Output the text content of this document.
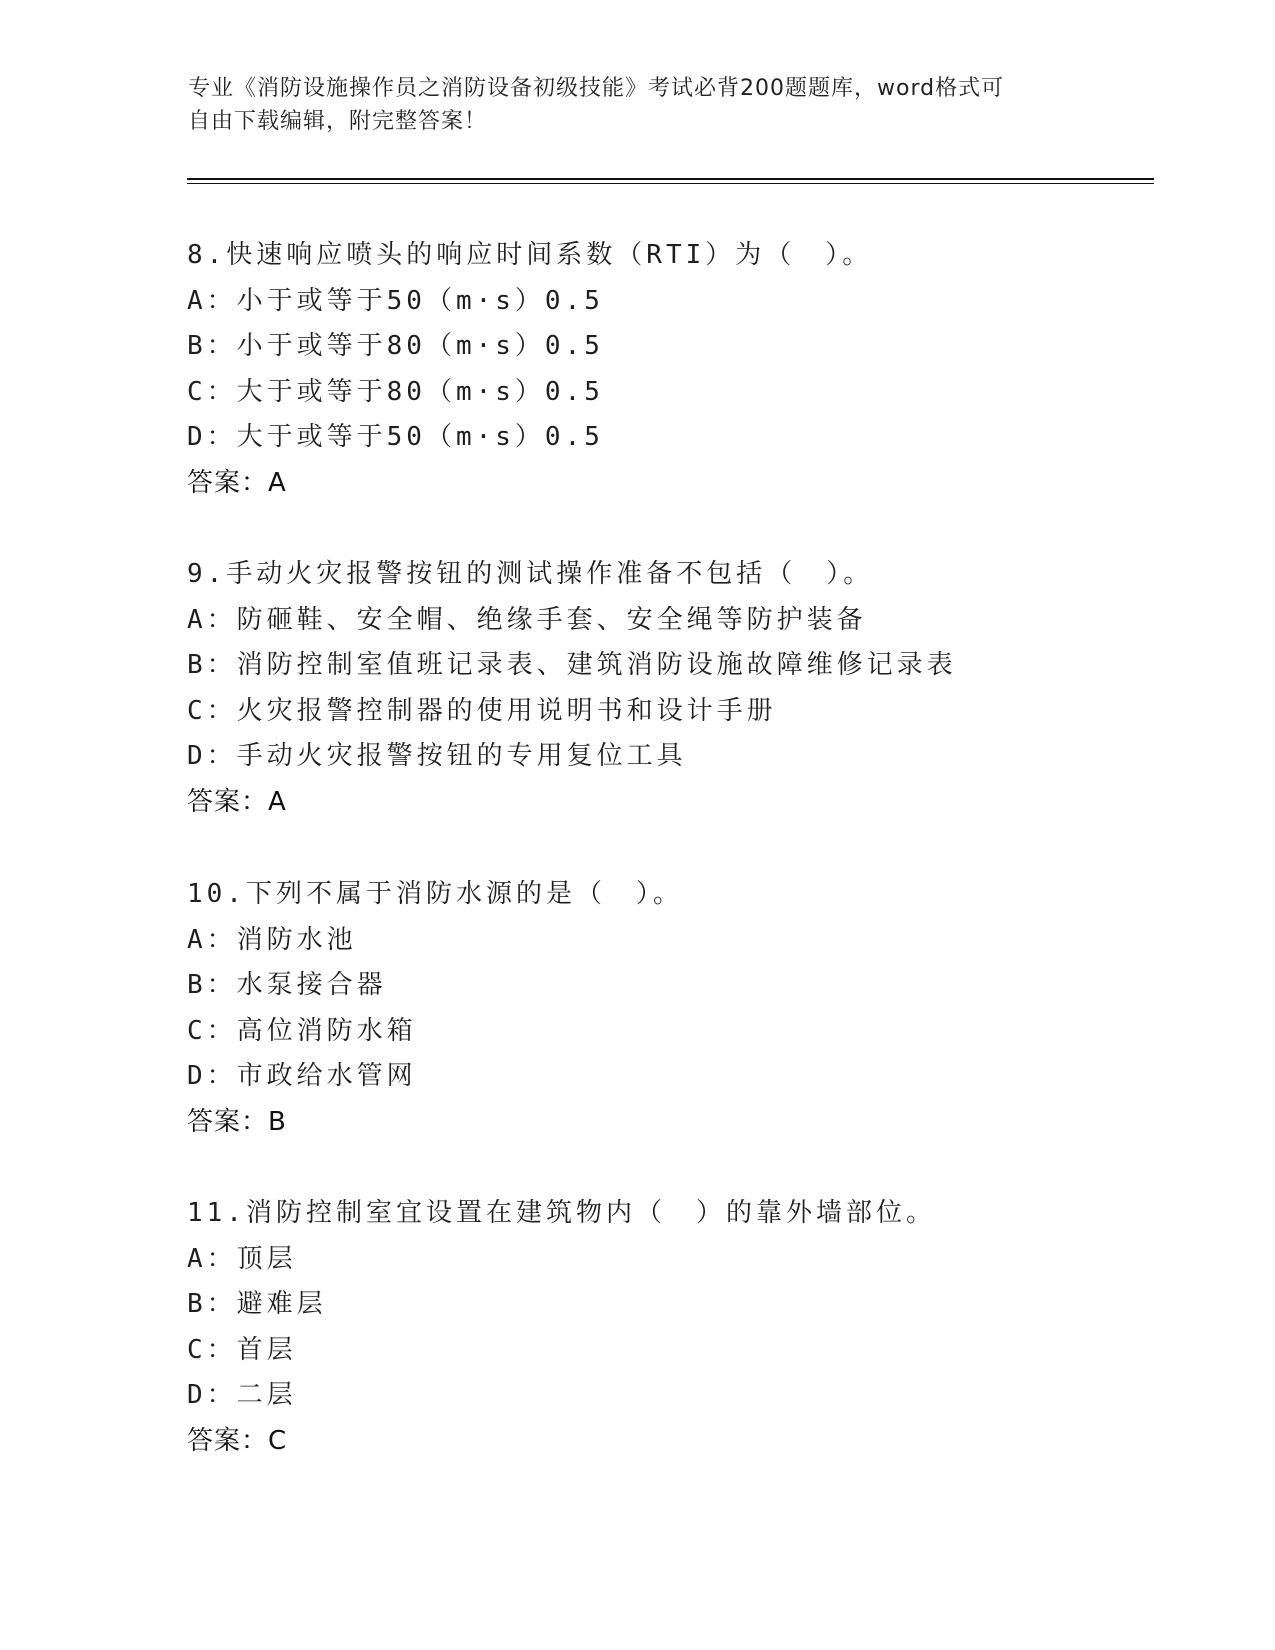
专业《消防设施操作员之消防设备初级技能》考试必背200题题库，word格式可
自由下载编辑，附完整答案！
8.快速响应喷头的响应时间系数（RTI）为（　）。
A：小于或等于50（m·s）0.5
B：小于或等于80（m·s）0.5
C：大于或等于80（m·s）0.5
D：大于或等于50（m·s）0.5
答案：A
9.手动火灾报警按钮的测试操作准备不包括（　）。
A：防砸鞋、安全帽、绝缘手套、安全绳等防护装备
B：消防控制室值班记录表、建筑消防设施故障维修记录表
C：火灾报警控制器的使用说明书和设计手册
D：手动火灾报警按钮的专用复位工具
答案：A
10.下列不属于消防水源的是（　）。
A：消防水池
B：水泵接合器
C：高位消防水箱
D：市政给水管网
答案：B
11.消防控制室宜设置在建筑物内（　）的靠外墙部位。
A：顶层
B：避难层
C：首层
D：二层
答案：C
